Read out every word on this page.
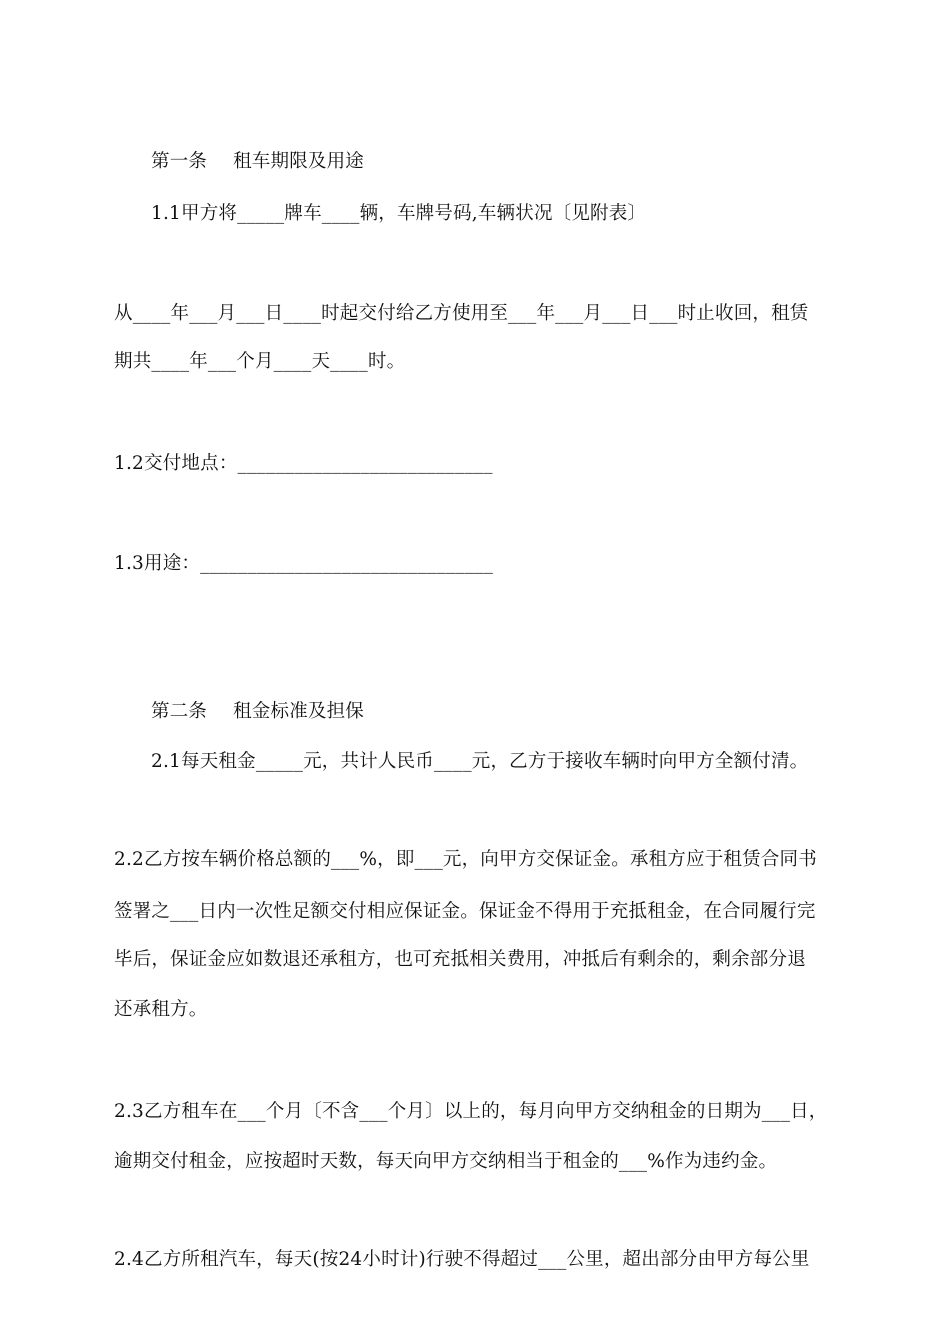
第一条 租车期限及用途
1.1甲方将_____牌车____辆，车牌号码,车辆状况〔见附表〕
从____年___月___日____时起交付给乙方使用至___年___月___日___时止收回，租赁
期共____年___个月____天____时。
1.2交付地点：___________________________
1.3用途：_______________________________
第二条 租金标准及担保
2.1每天租金_____元，共计人民币____元，乙方于接收车辆时向甲方全额付清。
2.2乙方按车辆价格总额的___%，即___元，向甲方交保证金。承租方应于租赁合同书
签署之___日内一次性足额交付相应保证金。保证金不得用于充抵租金，在合同履行完
毕后，保证金应如数退还承租方，也可充抵相关费用，冲抵后有剩余的，剩余部分退
还承租方。
2.3乙方租车在___个月〔不含___个月〕以上的，每月向甲方交纳租金的日期为___日，
逾期交付租金，应按超时天数，每天向甲方交纳相当于租金的___%作为违约金。
2.4乙方所租汽车，每天(按24小时计)行驶不得超过___公里，超出部分由甲方每公里
